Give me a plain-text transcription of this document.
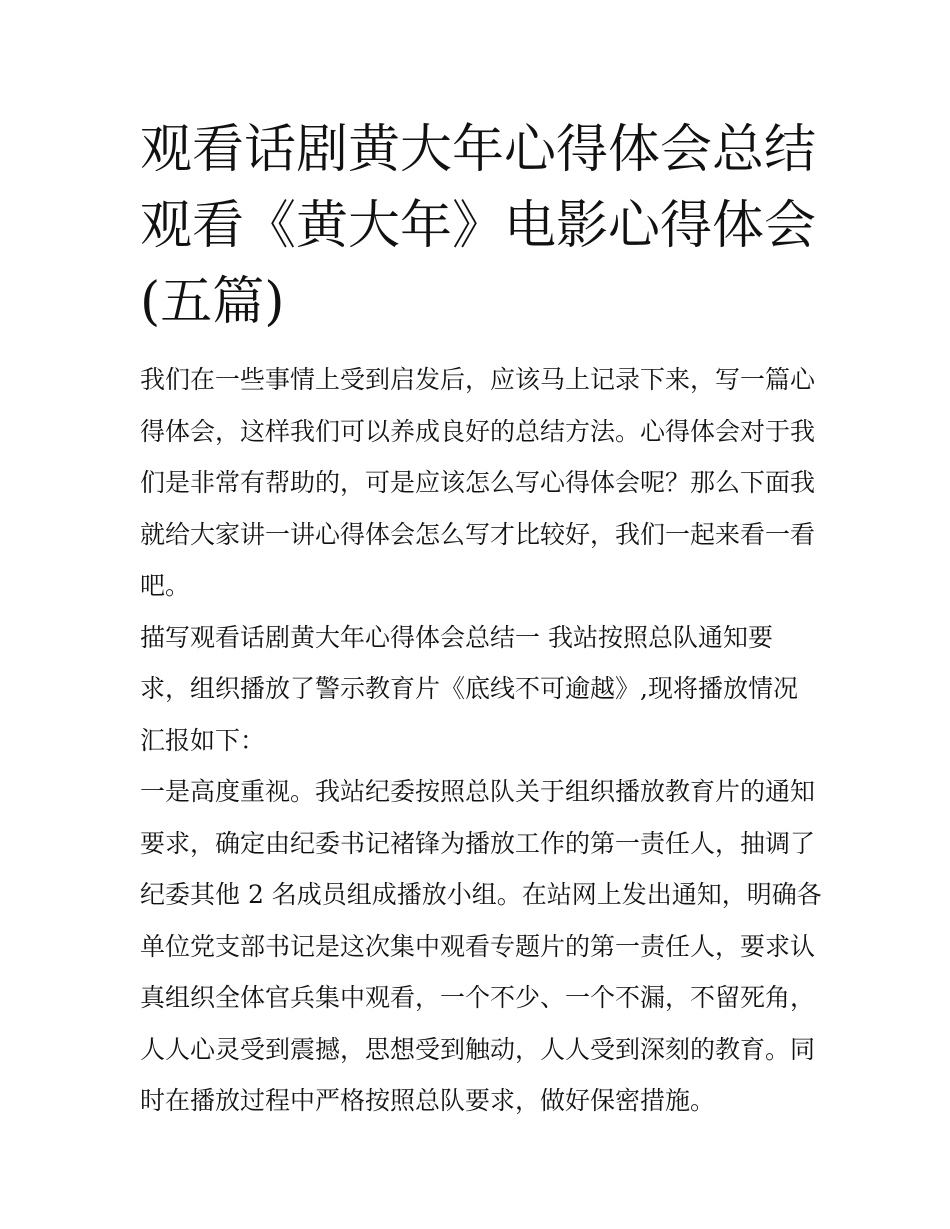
观看话剧黄大年心得体会总结
观看《黄大年》电影心得体会
(五篇)
我们在一些事情上受到启发后，应该马上记录下来，写一篇心
得体会，这样我们可以养成良好的总结方法。心得体会对于我
们是非常有帮助的，可是应该怎么写心得体会呢？那么下面我
就给大家讲一讲心得体会怎么写才比较好，我们一起来看一看
吧。
描写观看话剧黄大年心得体会总结一 我站按照总队通知要
求，组织播放了警示教育片《底线不可逾越》,现将播放情况
汇报如下：
一是高度重视。我站纪委按照总队关于组织播放教育片的通知
要求，确定由纪委书记褚锋为播放工作的第一责任人，抽调了
纪委其他 2 名成员组成播放小组。在站网上发出通知，明确各
单位党支部书记是这次集中观看专题片的第一责任人，要求认
真组织全体官兵集中观看，一个不少、一个不漏，不留死角，
人人心灵受到震撼，思想受到触动，人人受到深刻的教育。同
时在播放过程中严格按照总队要求，做好保密措施。
